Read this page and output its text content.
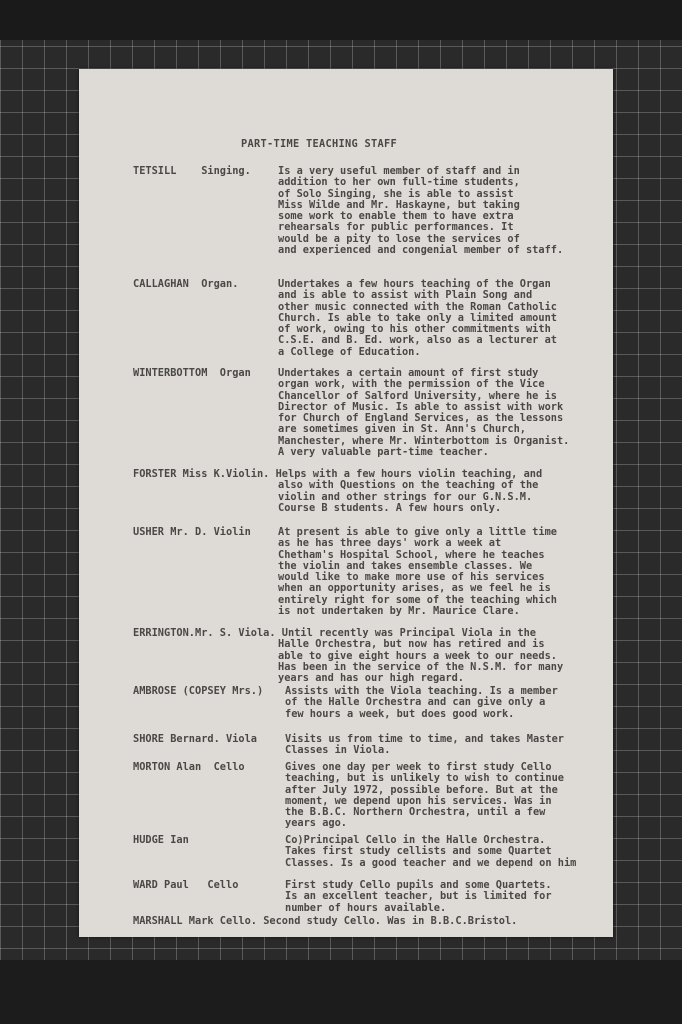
PART-TIME TEACHING STAFF
TETSILL    Singing.	Is a very useful member of staff and in
addition to her own full-time students,
of Solo Singing, she is able to assist
Miss Wilde and Mr. Haskayne, but taking
some work to enable them to have extra
rehearsals for public performances. It
would be a pity to lose the services of
and experienced and congenial member of staff.
CALLAGHAN  Organ.	Undertakes a few hours teaching of the Organ
and is able to assist with Plain Song and
other music connected with the Roman Catholic
Church. Is able to take only a limited amount
of work, owing to his other commitments with
C.S.E. and B. Ed. work, also as a lecturer at
a College of Education.
WINTERBOTTOM  Organ	Undertakes a certain amount of first study
organ work, with the permission of the Vice
Chancellor of Salford University, where he is
Director of Music. Is able to assist with work
for Church of England Services, as the lessons
are sometimes given in St. Ann's Church,
Manchester, where Mr. Winterbottom is Organist.
A very valuable part-time teacher.
FORSTER Miss K.Violin. Helps with a few hours violin teaching, and
also with Questions on the teaching of the
violin and other strings for our G.N.S.M.
Course B students. A few hours only.
USHER Mr. D. Violin	At present is able to give only a little time
as he has three days' work a week at
Chetham's Hospital School, where he teaches
the violin and takes ensemble classes. We
would like to make more use of his services
when an opportunity arises, as we feel he is
entirely right for some of the teaching which
is not undertaken by Mr. Maurice Clare.
ERRINGTON.Mr. S. Viola. Until recently was Principal Viola in the
Halle Orchestra, but now has retired and is
able to give eight hours a week to our needs.
Has been in the service of the N.S.M. for many
years and has our high regard.
AMBROSE (COPSEY Mrs.) Assists with the Viola teaching. Is a member
of the Halle Orchestra and can give only a
few hours a week, but does good work.
SHORE Bernard. Viola	Visits us from time to time, and takes Master
Classes in Viola.
MORTON Alan  Cello	Gives one day per week to first study Cello
teaching, but is unlikely to wish to continue
after July 1972, possible before. But at the
moment, we depend upon his services. Was in
the B.B.C. Northern Orchestra, until a few
years ago.
HUDGE Ian	Co)Principal Cello in the Halle Orchestra.
Takes first study cellists and some Quartet
Classes. Is a good teacher and we depend on him
WARD Paul   Cello	First study Cello pupils and some Quartets.
Is an excellent teacher, but is limited for
number of hours available.
MARSHALL Mark Cello. Second study Cello. Was in B.B.C.Bristol.
